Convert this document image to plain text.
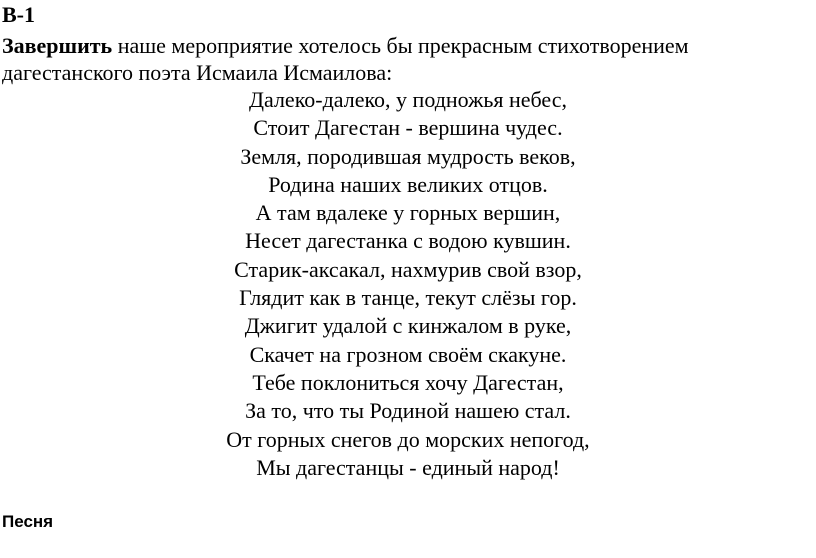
В-1
Завершить наше мероприятие хотелось бы прекрасным стихотворением дагестанского поэта Исмаила Исмаилова:
Далеко-далеко, у подножья небес,
Стоит Дагестан - вершина чудес.
Земля, породившая мудрость веков,
Родина наших великих отцов.
А там вдалеке у горных вершин,
Несет дагестанка с водою кувшин.
Старик-аксакал, нахмурив свой взор,
Глядит как в танце, текут слёзы гор.
Джигит удалой с кинжалом в руке,
Скачет на грозном своём скакуне.
Тебе поклониться хочу Дагестан,
За то, что ты Родиной нашею стал.
От горных снегов до морских непогод,
Мы дагестанцы - единый народ!
Песня
